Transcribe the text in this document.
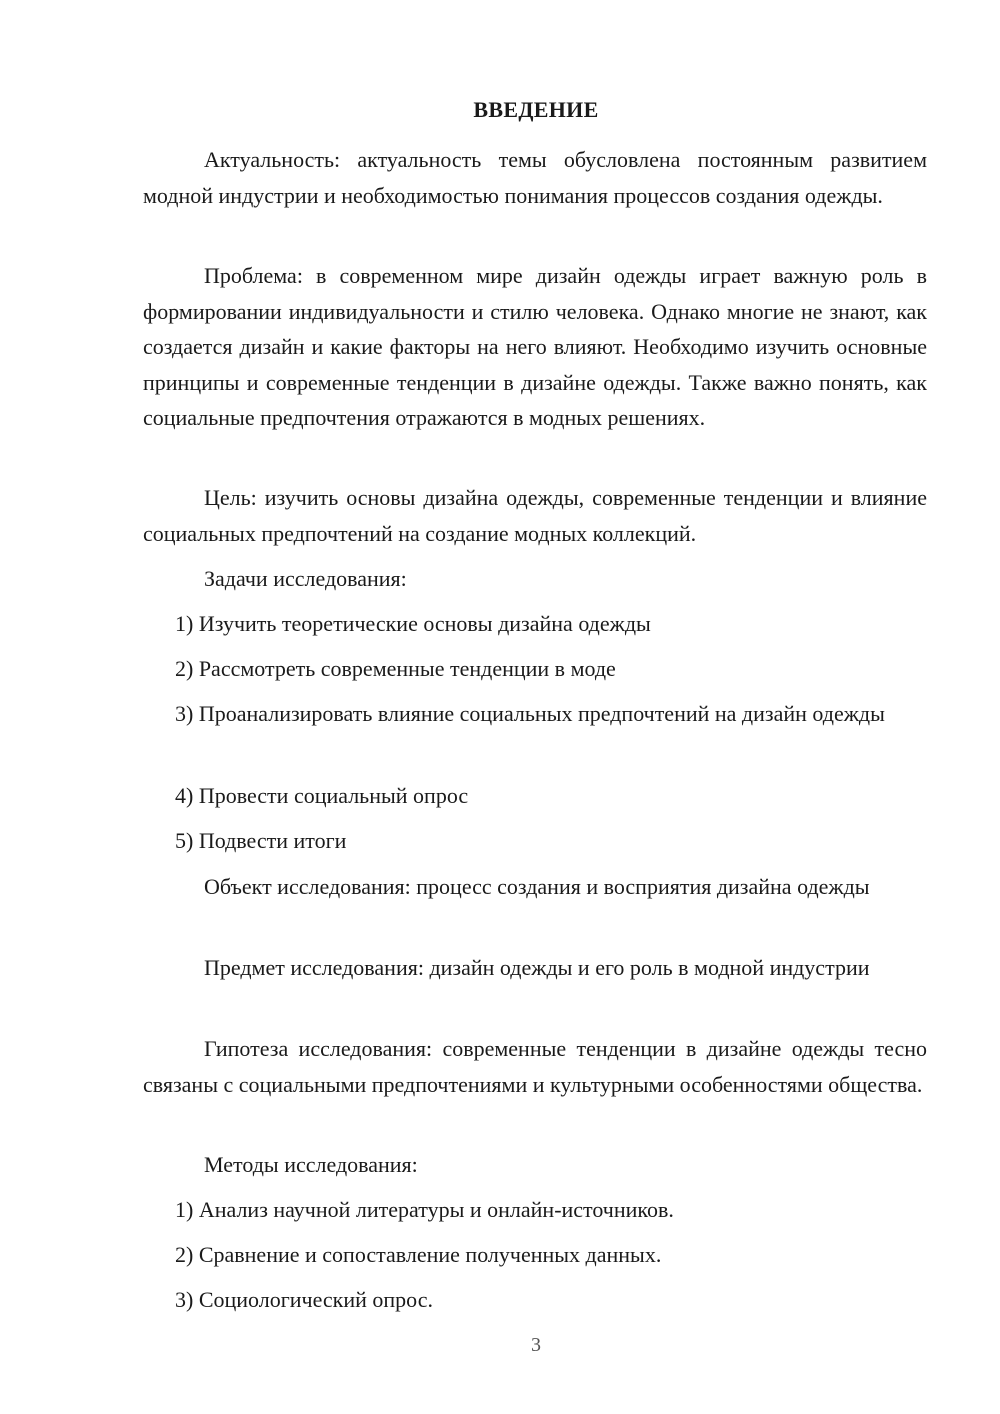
ВВЕДЕНИЕ

Актуальность: актуальность темы обусловлена постоянным развитием модной индустрии и необходимостью понимания процессов создания одежды.

Проблема: в современном мире дизайн одежды играет важную роль в формировании индивидуальности и стилю человека. Однако многие не знают, как создается дизайн и какие факторы на него влияют. Необходимо изучить основные принципы и современные тенденции в дизайне одежды. Также важно понять, как социальные предпочтения отражаются в модных решениях.

Цель: изучить основы дизайна одежды, современные тенденции и влияние социальных предпочтений на создание модных коллекций.

Задачи исследования:

1) Изучить теоретические основы дизайна одежды

2) Рассмотреть современные тенденции в моде

3) Проанализировать влияние социальных предпочтений на дизайн одежды

4) Провести социальный опрос

5) Подвести итоги

Объект исследования: процесс создания и восприятия дизайна одежды

Предмет исследования: дизайн одежды и его роль в модной индустрии

Гипотеза исследования: современные тенденции в дизайне одежды тесно связаны с социальными предпочтениями и культурными особенностями общества.

Методы исследования:

1) Анализ научной литературы и онлайн-источников.

2) Сравнение и сопоставление полученных данных.

3) Социологический опрос.

3
